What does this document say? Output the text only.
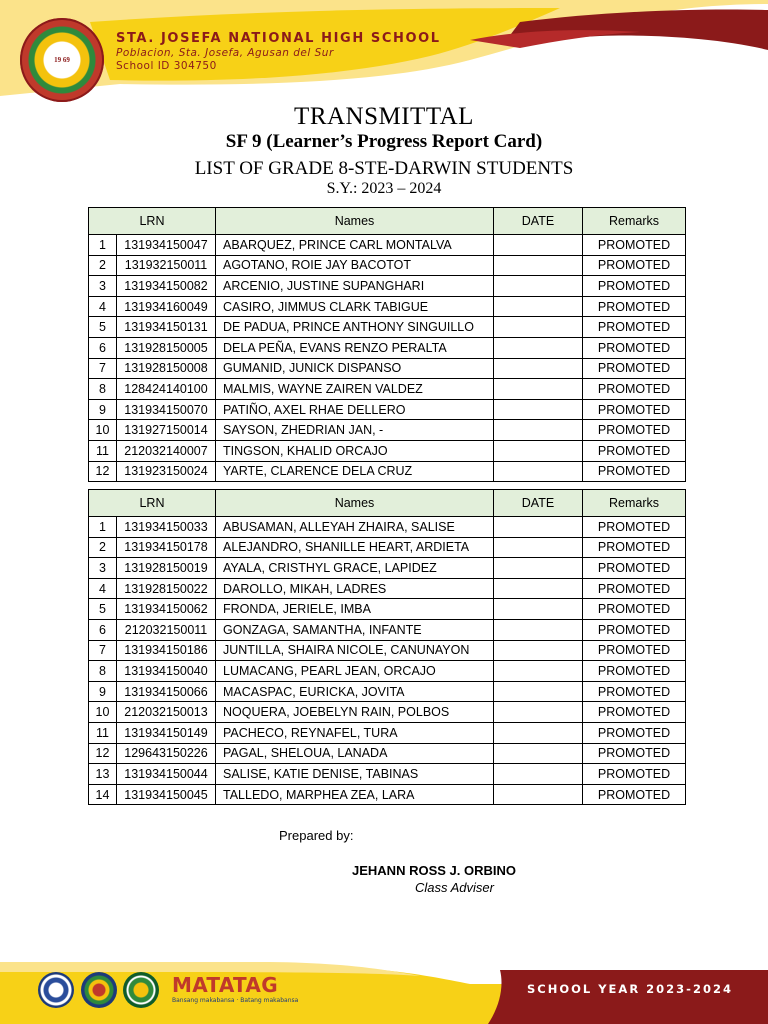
19 69
STA. JOSEFA NATIONAL HIGH SCHOOL
Poblacion, Sta. Josefa, Agusan del Sur
School ID 304750
TRANSMITTAL
SF 9 (Learner’s Progress Report Card)
LIST OF GRADE 8-STE-DARWIN STUDENTS
S.Y.: 2023 – 2024
LRN		Names	DATE	Remarks
1	131934150047	ABARQUEZ, PRINCE CARL MONTALVA		PROMOTED
2	131932150011	AGOTANO, ROIE JAY BACOTOT		PROMOTED
3	131934150082	ARCENIO, JUSTINE SUPANGHARI		PROMOTED
4	131934160049	CASIRO, JIMMUS CLARK TABIGUE		PROMOTED
5	131934150131	DE PADUA, PRINCE ANTHONY SINGUILLO		PROMOTED
6	131928150005	DELA PEÑA, EVANS RENZO PERALTA		PROMOTED
7	131928150008	GUMANID, JUNICK DISPANSO		PROMOTED
8	128424140100	MALMIS, WAYNE ZAIREN VALDEZ		PROMOTED
9	131934150070	PATIÑO, AXEL RHAE DELLERO		PROMOTED
10	131927150014	SAYSON, ZHEDRIAN JAN, -		PROMOTED
11	212032140007	TINGSON, KHALID ORCAJO		PROMOTED
12	131923150024	YARTE, CLARENCE DELA CRUZ		PROMOTED
LRN		Names	DATE	Remarks
1	131934150033	ABUSAMAN, ALLEYAH ZHAIRA, SALISE		PROMOTED
2	131934150178	ALEJANDRO, SHANILLE HEART, ARDIETA		PROMOTED
3	131928150019	AYALA, CRISTHYL GRACE, LAPIDEZ		PROMOTED
4	131928150022	DAROLLO, MIKAH, LADRES		PROMOTED
5	131934150062	FRONDA, JERIELE, IMBA		PROMOTED
6	212032150011	GONZAGA, SAMANTHA, INFANTE		PROMOTED
7	131934150186	JUNTILLA, SHAIRA NICOLE, CANUNAYON		PROMOTED
8	131934150040	LUMACANG, PEARL JEAN, ORCAJO		PROMOTED
9	131934150066	MACASPAC, EURICKA, JOVITA		PROMOTED
10	212032150013	NOQUERA, JOEBELYN RAIN, POLBOS		PROMOTED
11	131934150149	PACHECO, REYNAFEL, TURA		PROMOTED
12	129643150226	PAGAL, SHELOUA, LANADA		PROMOTED
13	131934150044	SALISE, KATIE DENISE, TABINAS		PROMOTED
14	131934150045	TALLEDO, MARPHEA ZEA, LARA		PROMOTED
Prepared by:
JEHANN ROSS J. ORBINO
Class Adviser
MATATAG
Bansang makabansa · Batang makabansa
SCHOOL YEAR 2023-2024
